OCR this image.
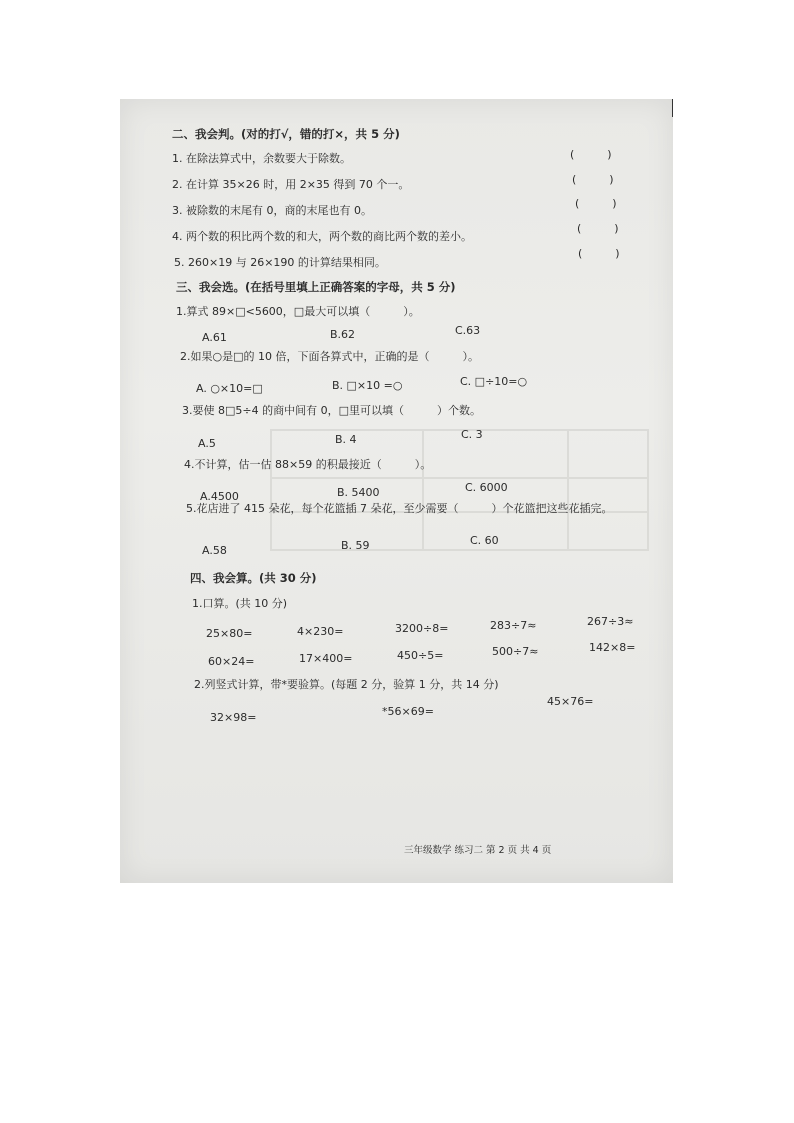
二、我会判。(对的打√，错的打×，共 5 分)
1. 在除法算式中，余数要大于除数。	(　　　)
2. 在计算 35×26 时，用 2×35 得到 70 个一。	(　　　)
3. 被除数的末尾有 0，商的末尾也有 0。
(　　　)
4. 两个数的积比两个数的和大，两个数的商比两个数的差小。
(　　　)
5. 260×19 与 26×190 的计算结果相同。
(　　　)
三、我会选。(在括号里填上正确答案的字母，共 5 分)
1.算式 89×□<5600，□最大可以填（　　　）。
A.61	B.62	C.63
2.如果○是□的 10 倍，下面各算式中，正确的是（　　　）。
A. ○×10=□	B. □×10 =○	C. □÷10=○
3.要使 8□5÷4 的商中间有 0，□里可以填（　　　）个数。
A.5	B. 4	C. 3
4.不计算，估一估 88×59 的积最接近（　　　）。
A.4500	B. 5400	C. 6000
5.花店进了 415 朵花，每个花篮插 7 朵花，至少需要（　　　）个花篮把这些花插完。
A.58	B. 59	C. 60
四、我会算。(共 30 分)
1.口算。(共 10 分)
25×80=	4×230=	3200÷8=	283÷7≈	267÷3≈
60×24=	17×400=	450÷5=	500÷7≈	142×8=
2.列竖式计算，带*要验算。(每题 2 分，验算 1 分，共 14 分)
32×98=	*56×69=
45×76=
三年级数学 练习二 第 2 页 共 4 页
